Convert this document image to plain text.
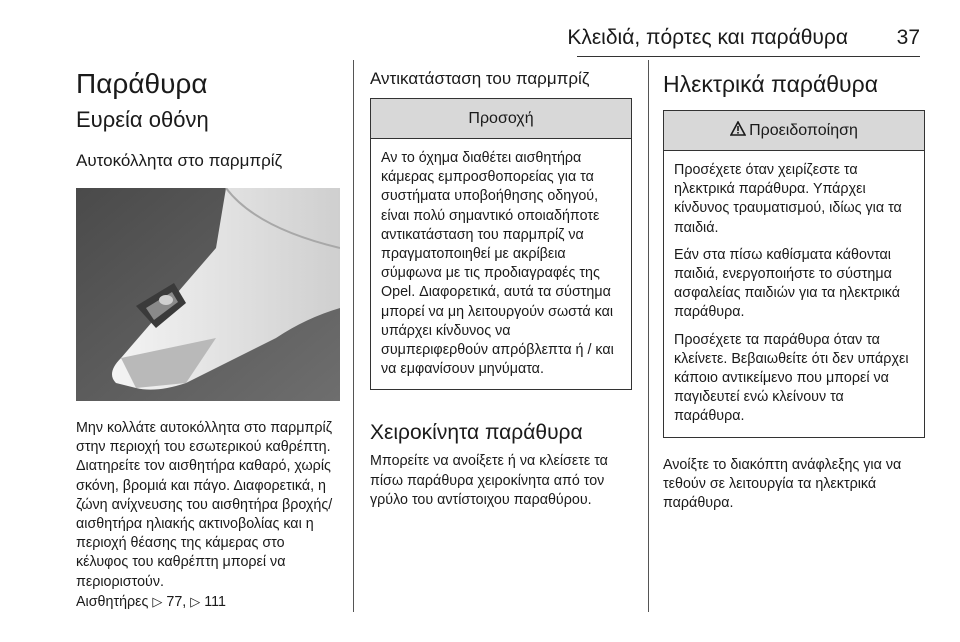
Κλειδιά, πόρτες και παράθυρα 37
Παράθυρα
Ευρεία οθόνη
Αυτοκόλλητα στο παρμπρίζ
Μην κολλάτε αυτοκόλλητα στο παρμπρίζ στην περιοχή του εσωτερικού καθρέπτη. Διατηρείτε τον αισθητήρα καθαρό, χωρίς σκόνη, βρομιά και πάγο. Διαφορετικά, η ζώνη ανίχνευσης του αισθητήρα βροχής/ αισθητήρα ηλιακής ακτινοβολίας και η περιοχή θέασης της κάμερας στο κέλυφος του καθρέπτη μπορεί να περιοριστούν.
Αισθητήρες ▷ 77, ▷ 111
Αντικατάσταση του παρμπρίζ
Προσοχή
Αν το όχημα διαθέτει αισθητήρα κάμερας εμπροσθοπορείας για τα συστήματα υποβοήθησης οδηγού, είναι πολύ σημαντικό οποιαδήποτε αντικατάσταση του παρμπρίζ να πραγματοποιηθεί με ακρίβεια σύμφωνα με τις προδιαγραφές της Opel. Διαφορετικά, αυτά τα σύστημα μπορεί να μη λειτουργούν σωστά και υπάρχει κίνδυνος να συμπεριφερθούν απρόβλεπτα ή / και να εμφανίσουν μηνύματα.
Χειροκίνητα παράθυρα
Μπορείτε να ανοίξετε ή να κλείσετε τα πίσω παράθυρα χειροκίνητα από τον γρύλο του αντίστοιχου παραθύρου.
Ηλεκτρικά παράθυρα
Προειδοποίηση

Προσέχετε όταν χειρίζεστε τα ηλεκτρικά παράθυρα. Υπάρχει κίνδυνος τραυματισμού, ιδίως για τα παιδιά.

Εάν στα πίσω καθίσματα κάθονται παιδιά, ενεργοποιήστε το σύστημα ασφαλείας παιδιών για τα ηλεκτρικά παράθυρα.

Προσέχετε τα παράθυρα όταν τα κλείνετε. Βεβαιωθείτε ότι δεν υπάρχει κάποιο αντικείμενο που μπορεί να παγιδευτεί ενώ κλείνουν τα παράθυρα.

Ανοίξτε το διακόπτη ανάφλεξης για να τεθούν σε λειτουργία τα ηλεκτρικά παράθυρα.
